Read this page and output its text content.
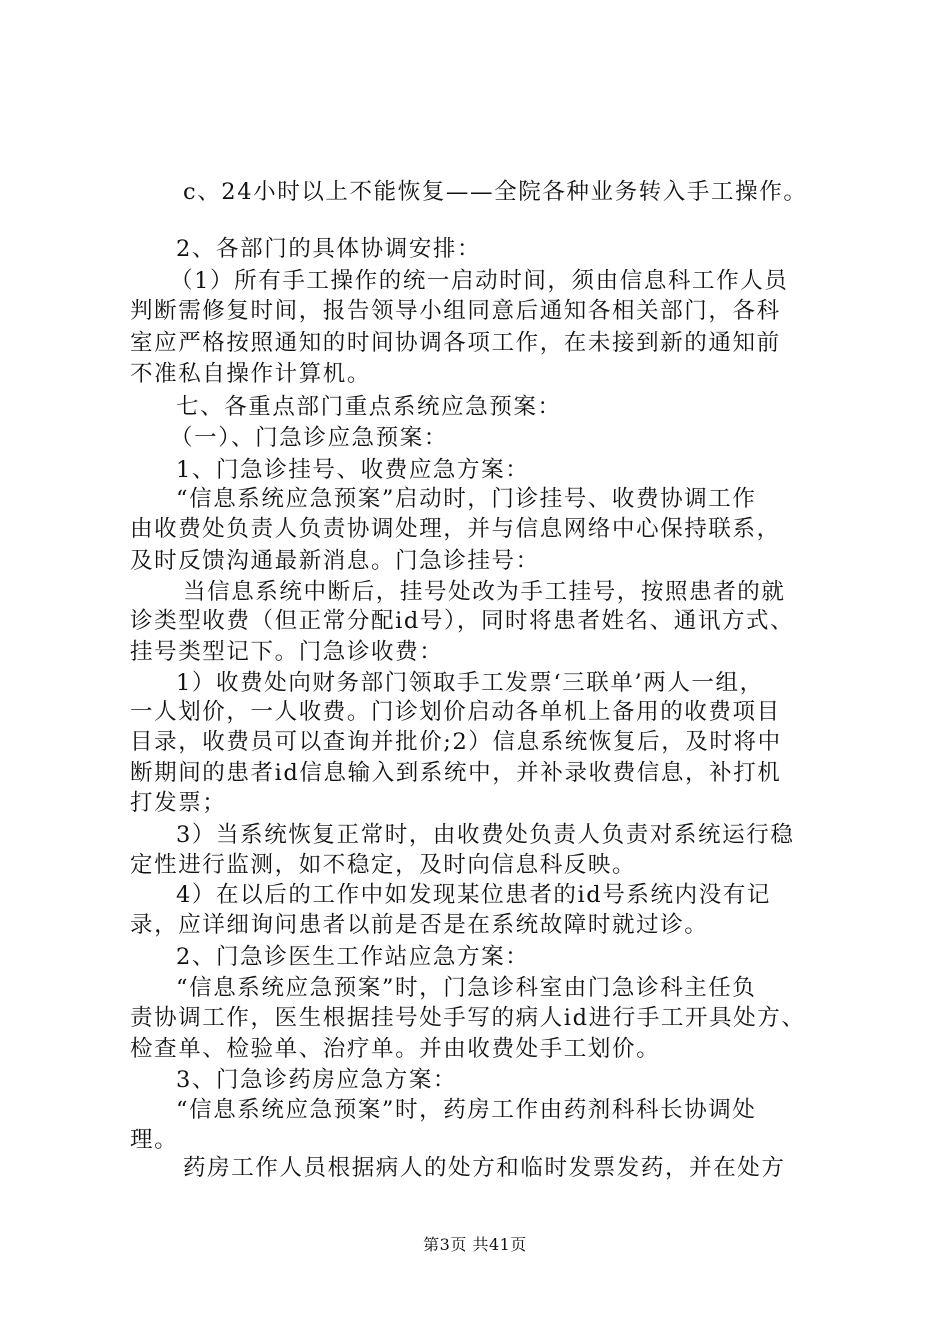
c、24小时以上不能恢复——全院各种业务转入手工操作。
2、各部门的具体协调安排：
（1）所有手工操作的统一启动时间，须由信息科工作人员
判断需修复时间，报告领导小组同意后通知各相关部门，各科
室应严格按照通知的时间协调各项工作，在未接到新的通知前
不准私自操作计算机。
七、各重点部门重点系统应急预案：
（一）、门急诊应急预案：
1、门急诊挂号、收费应急方案：
“信息系统应急预案”启动时，门诊挂号、收费协调工作
由收费处负责人负责协调处理，并与信息网络中心保持联系，
及时反馈沟通最新消息。门急诊挂号：
当信息系统中断后，挂号处改为手工挂号，按照患者的就
诊类型收费（但正常分配id号），同时将患者姓名、通讯方式、
挂号类型记下。门急诊收费：
1）收费处向财务部门领取手工发票‘三联单’两人一组，
一人划价，一人收费。门诊划价启动各单机上备用的收费项目
目录，收费员可以查询并批价;2）信息系统恢复后，及时将中
断期间的患者id信息输入到系统中，并补录收费信息，补打机
打发票；
3）当系统恢复正常时，由收费处负责人负责对系统运行稳
定性进行监测，如不稳定，及时向信息科反映。
4）在以后的工作中如发现某位患者的id号系统内没有记
录，应详细询问患者以前是否是在系统故障时就过诊。
2、门急诊医生工作站应急方案：
“信息系统应急预案”时，门急诊科室由门急诊科主任负
责协调工作，医生根据挂号处手写的病人id进行手工开具处方、
检查单、检验单、治疗单。并由收费处手工划价。
3、门急诊药房应急方案：
“信息系统应急预案”时，药房工作由药剂科科长协调处
理。
药房工作人员根据病人的处方和临时发票发药，并在处方
第3页 共41页
